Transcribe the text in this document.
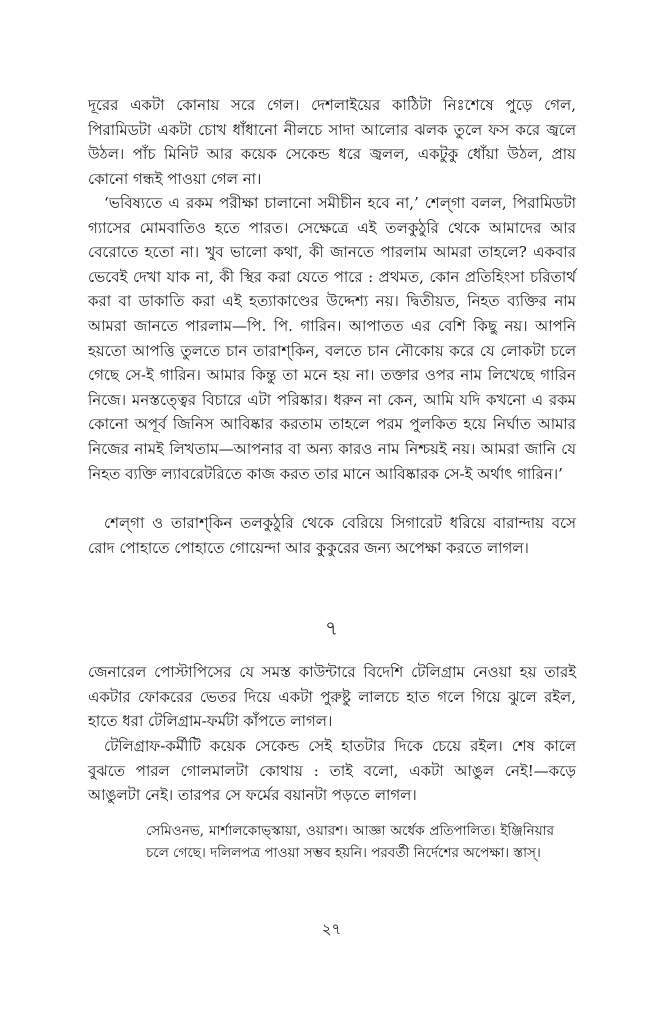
দূরের একটা কোনায় সরে গেল। দেশলাইয়ের কাঠিটা নিঃশেষে পুড়ে গেল, পিরামিডটা একটা চোখ ধাঁধানো নীলচে সাদা আলোর ঝলক তুলে ফস করে জ্বলে উঠল। পাঁচ মিনিট আর কয়েক সেকেন্ড ধরে জ্বলল, একটুকু ধোঁয়া উঠল, প্রায় কোনো গন্ধই পাওয়া গেল না।

‘ভবিষ্যতে এ রকম পরীক্ষা চালানো সমীচীন হবে না,’ শেল্‌গা বলল, পিরামিডটা গ্যাসের মোমবাতিও হতে পারত। সেক্ষেত্রে এই তলকুঠুরি থেকে আমাদের আর বেরোতে হতো না। খুব ভালো কথা, কী জানতে পারলাম আমরা তাহলে? একবার ভেবেই দেখা যাক না, কী স্থির করা যেতে পারে : প্রথমত, কোন প্রতিহিংসা চরিতার্থ করা বা ডাকাতি করা এই হত্যাকাণ্ডের উদ্দেশ্য নয়। দ্বিতীয়ত, নিহত ব্যক্তির নাম আমরা জানতে পারলাম—পি. পি. গারিন। আপাতত এর বেশি কিছু নয়। আপনি হয়তো আপত্তি তুলতে চান তারাশ্‌কিন, বলতে চান নৌকোয় করে যে লোকটা চলে গেছে সে-ই গারিন। আমার কিন্তু তা মনে হয় না। তক্তার ওপর নাম লিখেছে গারিন নিজে। মনস্তত্ত্বের বিচারে এটা পরিষ্কার। ধরুন না কেন, আমি যদি কখনো এ রকম কোনো অপূর্ব জিনিস আবিষ্কার করতাম তাহলে পরম পুলকিত হয়ে নির্ঘাত আমার নিজের নামই লিখতাম—আপনার বা অন্য কারও নাম নিশ্চয়ই নয়। আমরা জানি যে নিহত ব্যক্তি ল্যাবরেটরিতে কাজ করত তার মানে আবিষ্কারক সে-ই অর্থাৎ গারিন।’

শেল্‌গা ও তারাশ্‌কিন তলকুঠুরি থেকে বেরিয়ে সিগারেট ধরিয়ে বারান্দায় বসে রোদ পোহাতে পোহাতে গোয়েন্দা আর কুকুরের জন্য অপেক্ষা করতে লাগল।

৭

জেনারেল পোস্টাপিসের যে সমস্ত কাউন্টারে বিদেশি টেলিগ্রাম নেওয়া হয় তারই একটার ফোকরের ভেতর দিয়ে একটা পুরুষ্টু লালচে হাত গলে গিয়ে ঝুলে রইল, হাতে ধরা টেলিগ্রাম-ফর্মটা কাঁপতে লাগল।

টেলিগ্রাফ-কর্মীটি কয়েক সেকেন্ড সেই হাতটার দিকে চেয়ে রইল। শেষ কালে বুঝতে পারল গোলমালটা কোথায় : তাই বলো, একটা আঙুল নেই!—কড়ে আঙুলটা নেই। তারপর সে ফর্মের বয়ানটা পড়তে লাগল।

সেমিওনভ, মার্শালকোভ্‌স্কায়া, ওয়ারশ। আজ্ঞা অর্ধেক প্রতিপালিত। ইঞ্জিনিয়ার চলে গেছে। দলিলপত্র পাওয়া সম্ভব হয়নি। পরবর্তী নির্দেশের অপেক্ষা। স্তাস্‌।

২৭
